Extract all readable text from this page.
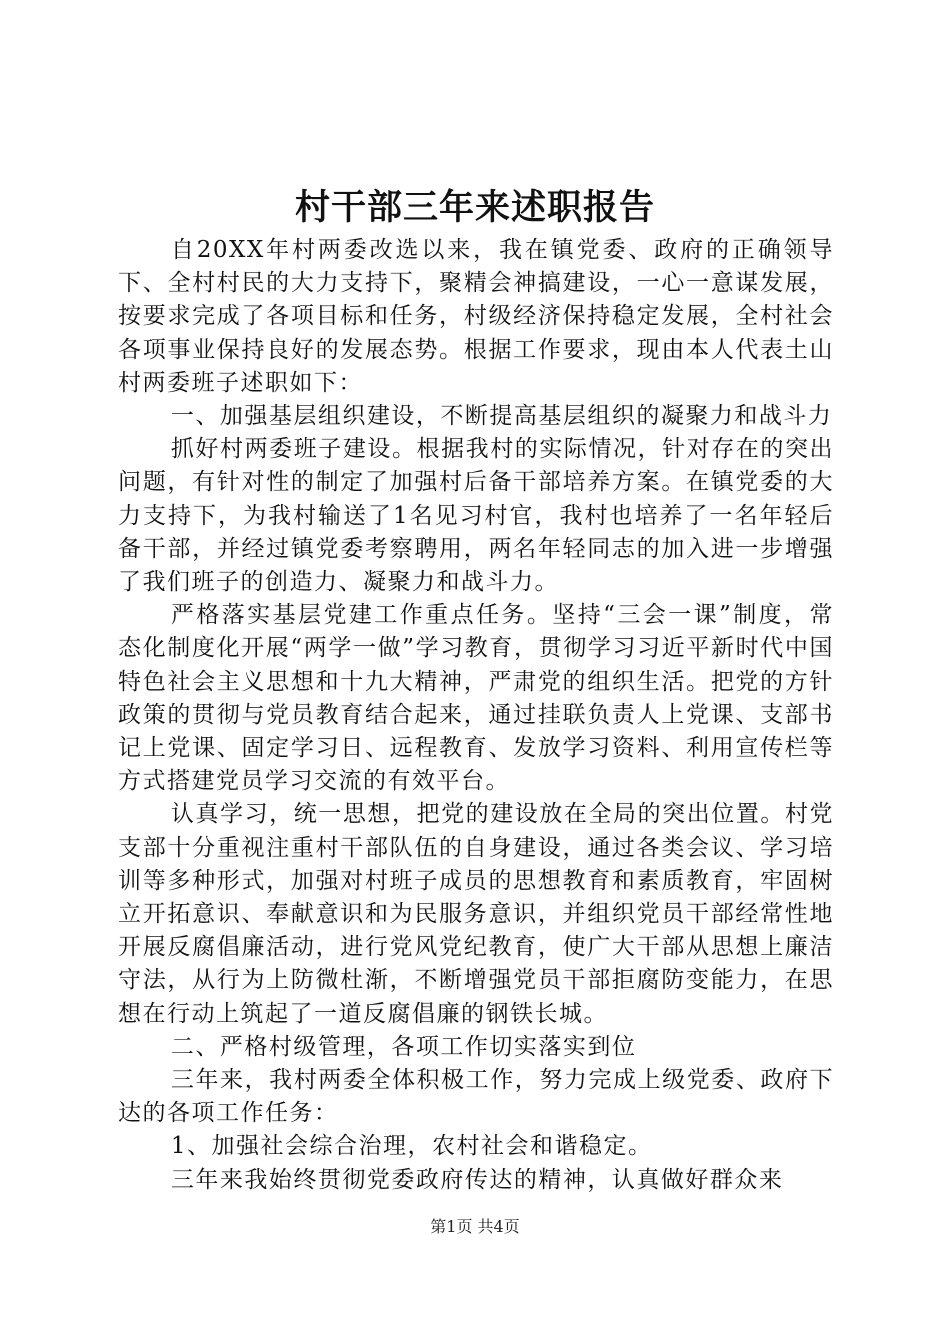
村干部三年来述职报告

自20XX年村两委改选以来，我在镇党委、政府的正确领导下、全村村民的大力支持下，聚精会神搞建设，一心一意谋发展，按要求完成了各项目标和任务，村级经济保持稳定发展，全村社会各项事业保持良好的发展态势。根据工作要求，现由本人代表土山村两委班子述职如下：

一、加强基层组织建设，不断提高基层组织的凝聚力和战斗力

抓好村两委班子建设。根据我村的实际情况，针对存在的突出问题，有针对性的制定了加强村后备干部培养方案。在镇党委的大力支持下，为我村输送了1名见习村官，我村也培养了一名年轻后备干部，并经过镇党委考察聘用，两名年轻同志的加入进一步增强了我们班子的创造力、凝聚力和战斗力。

严格落实基层党建工作重点任务。坚持“三会一课”制度，常态化制度化开展“两学一做”学习教育，贯彻学习习近平新时代中国特色社会主义思想和十九大精神，严肃党的组织生活。把党的方针政策的贯彻与党员教育结合起来，通过挂联负责人上党课、支部书记上党课、固定学习日、远程教育、发放学习资料、利用宣传栏等方式搭建党员学习交流的有效平台。

认真学习，统一思想，把党的建设放在全局的突出位置。村党支部十分重视注重村干部队伍的自身建设，通过各类会议、学习培训等多种形式，加强对村班子成员的思想教育和素质教育，牢固树立开拓意识、奉献意识和为民服务意识，并组织党员干部经常性地开展反腐倡廉活动，进行党风党纪教育，使广大干部从思想上廉洁守法，从行为上防微杜渐，不断增强党员干部拒腐防变能力，在思想在行动上筑起了一道反腐倡廉的钢铁长城。

二、严格村级管理，各项工作切实落实到位

三年来，我村两委全体积极工作，努力完成上级党委、政府下达的各项工作任务：

1、加强社会综合治理，农村社会和谐稳定。

三年来我始终贯彻党委政府传达的精神，认真做好群众来

第1页 共4页
